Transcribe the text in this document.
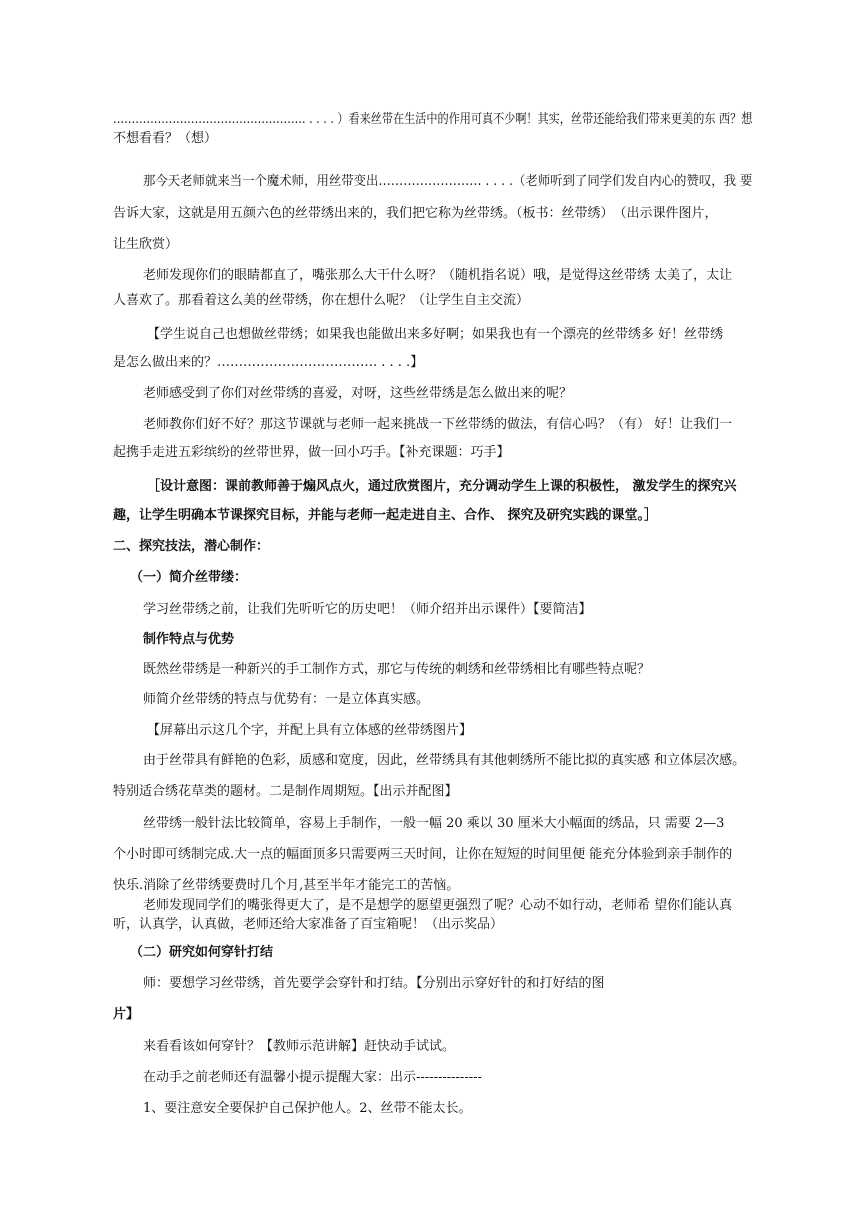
……………………………………………. . . . . ）看来丝带在生活中的作用可真不少啊！其实，丝带还能给我们带来更美的东 西？想
不想看看？（想）
那今天老师就来当一个魔术师，用丝带变出……………………. . . . .（老师听到了同学们发自内心的赞叹，我 要
告诉大家，这就是用五颜六色的丝带绣出来的，我们把它称为丝带绣。（板书：丝带绣）　（出示课件图片，
让生欣赏）
老师发现你们的眼睛都直了，嘴张那么大干什么呀？（随机指名说）哦，是觉得这丝带绣 太美了，太让
人喜欢了。那看着这么美的丝带绣，你在想什么呢？（让学生自主交流）
【学生说自己也想做丝带绣；如果我也能做出来多好啊；如果我也有一个漂亮的丝带绣多 好！丝带绣
是怎么做出来的？………………………………. . . . .】
老师感受到了你们对丝带绣的喜爱，对呀，这些丝带绣是怎么做出来的呢？
老师教你们好不好？那这节课就与老师一起来挑战一下丝带绣的做法，有信心吗？（有） 好！让我们一
起携手走进五彩缤纷的丝带世界，做一回小巧手。【补充课题：巧手】
［设计意图：课前教师善于煽风点火，通过欣赏图片，充分调动学生上课的积极性， 激发学生的探究兴
趣，让学生明确本节课探究目标，并能与老师一起走进自主、合作、 探究及研究实践的课堂。］
二、探究技法，潜心制作：
（一）简介丝带缕：
学习丝带绣之前，让我们先听听它的历史吧！（师介绍并出示课件）【要简洁】
制作特点与优势
既然丝带绣是一种新兴的手工制作方式，那它与传统的刺绣和丝带绣相比有哪些特点呢？
师简介丝带绣的特点与优势有：一是立体真实感。
【屏幕出示这几个字，并配上具有立体感的丝带绣图片】
由于丝带具有鲜艳的色彩，质感和宽度，因此，丝带绣具有其他刺绣所不能比拟的真实感 和立体层次感。
特别适合绣花草类的题材。二是制作周期短。【出示并配图】
丝带绣一般针法比较简单，容易上手制作，一般一幅 20 乘以 30 厘米大小幅面的绣品，只 需要 2—3
个小时即可绣制完成.大一点的幅面顶多只需要两三天时间，让你在短短的时间里便 能充分体验到亲手制作的
快乐.消除了丝带绣要费时几个月,甚至半年才能完工的苦恼。
老师发现同学们的嘴张得更大了，是不是想学的愿望更强烈了呢？心动不如行动，老师希 望你们能认真
听，认真学，认真做，老师还给大家准备了百宝箱呢！（出示奖品）
（二）研究如何穿针打结
师：要想学习丝带绣，首先要学会穿针和打结。【分别出示穿好针的和打好结的图
片】
来看看该如何穿针？【教师示范讲解】赶快动手试试。
在动手之前老师还有温馨小提示提醒大家：出示---------------
1、要注意安全要保护自己保护他人。2、丝带不能太长。
